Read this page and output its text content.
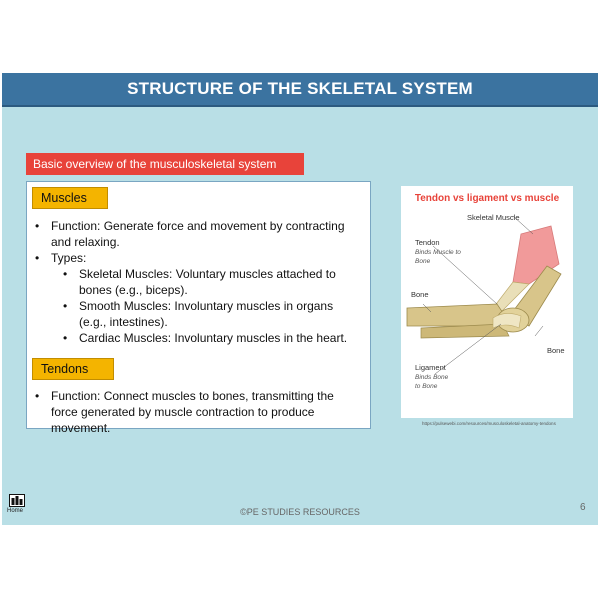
STRUCTURE OF THE SKELETAL SYSTEM
Basic overview of the musculoskeletal system
Muscles
• Function: Generate force and movement by contracting and relaxing.
• Types:
• Skeletal Muscles: Voluntary muscles attached to bones (e.g., biceps).
• Smooth Muscles: Involuntary muscles in organs (e.g., intestines).
• Cardiac Muscles: Involuntary muscles in the heart.
Tendons
• Function: Connect muscles to bones, transmitting the force generated by muscle contraction to produce movement.
Tendon vs ligament vs muscle
Skeletal Muscle
Tendon
Binds Muscle to Bone
Bone
Bone
Ligament
Binds Bone to Bone
https://pulsewebi.com/resources/musculoskeletal-anatomy-tendons
Home	©PE STUDIES RESOURCES	6
